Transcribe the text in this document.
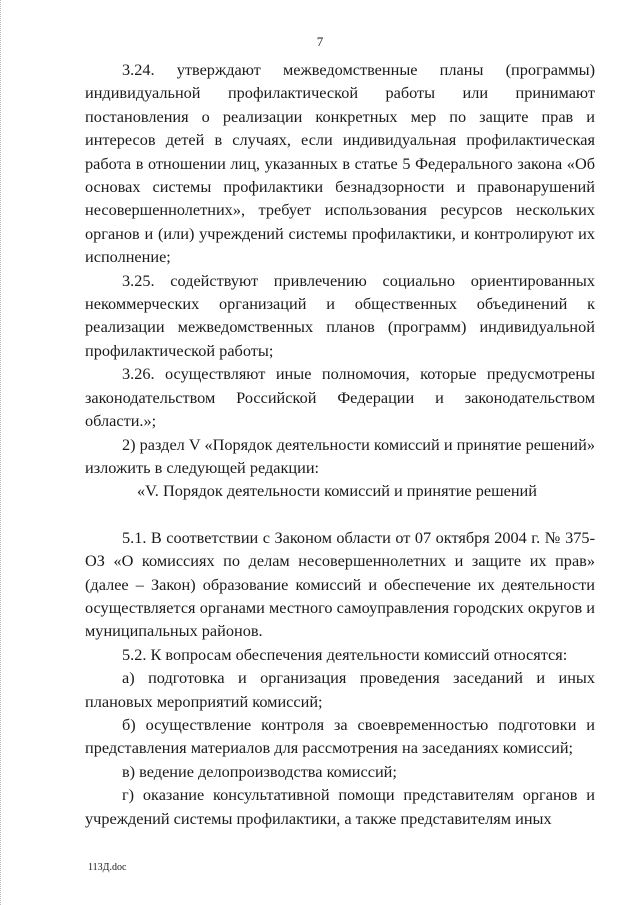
7

3.24. утверждают межведомственные планы (программы) индивидуальной профилактической работы или принимают постановления о реализации конкретных мер по защите прав и интересов детей в случаях, если индивидуальная профилактическая работа в отношении лиц, указанных в статье 5 Федерального закона «Об основах системы профилактики безнадзорности и правонарушений несовершеннолетних», требует использования ресурсов нескольких органов и (или) учреждений системы профилактики, и контролируют их исполнение;

3.25. содействуют привлечению социально ориентированных некоммерческих организаций и общественных объединений к реализации межведомственных планов (программ) индивидуальной профилактической работы;

3.26. осуществляют иные полномочия, которые предусмотрены законодательством Российской Федерации и законодательством области.»;

2) раздел V «Порядок деятельности комиссий и принятие решений» изложить в следующей редакции:

«V. Порядок деятельности комиссий и принятие решений

5.1. В соответствии с Законом области от 07 октября 2004 г. № 375-ОЗ «О комиссиях по делам несовершеннолетних и защите их прав» (далее – Закон) образование комиссий и обеспечение их деятельности осуществляется органами местного самоуправления городских округов и муниципальных районов.

5.2. К вопросам обеспечения деятельности комиссий относятся:

а) подготовка и организация проведения заседаний и иных плановых мероприятий комиссий;

б) осуществление контроля за своевременностью подготовки и представления материалов для рассмотрения на заседаниях комиссий;

в) ведение делопроизводства комиссий;

г) оказание консультативной помощи представителям органов и учреждений системы профилактики, а также представителям иных

113Д.doc
